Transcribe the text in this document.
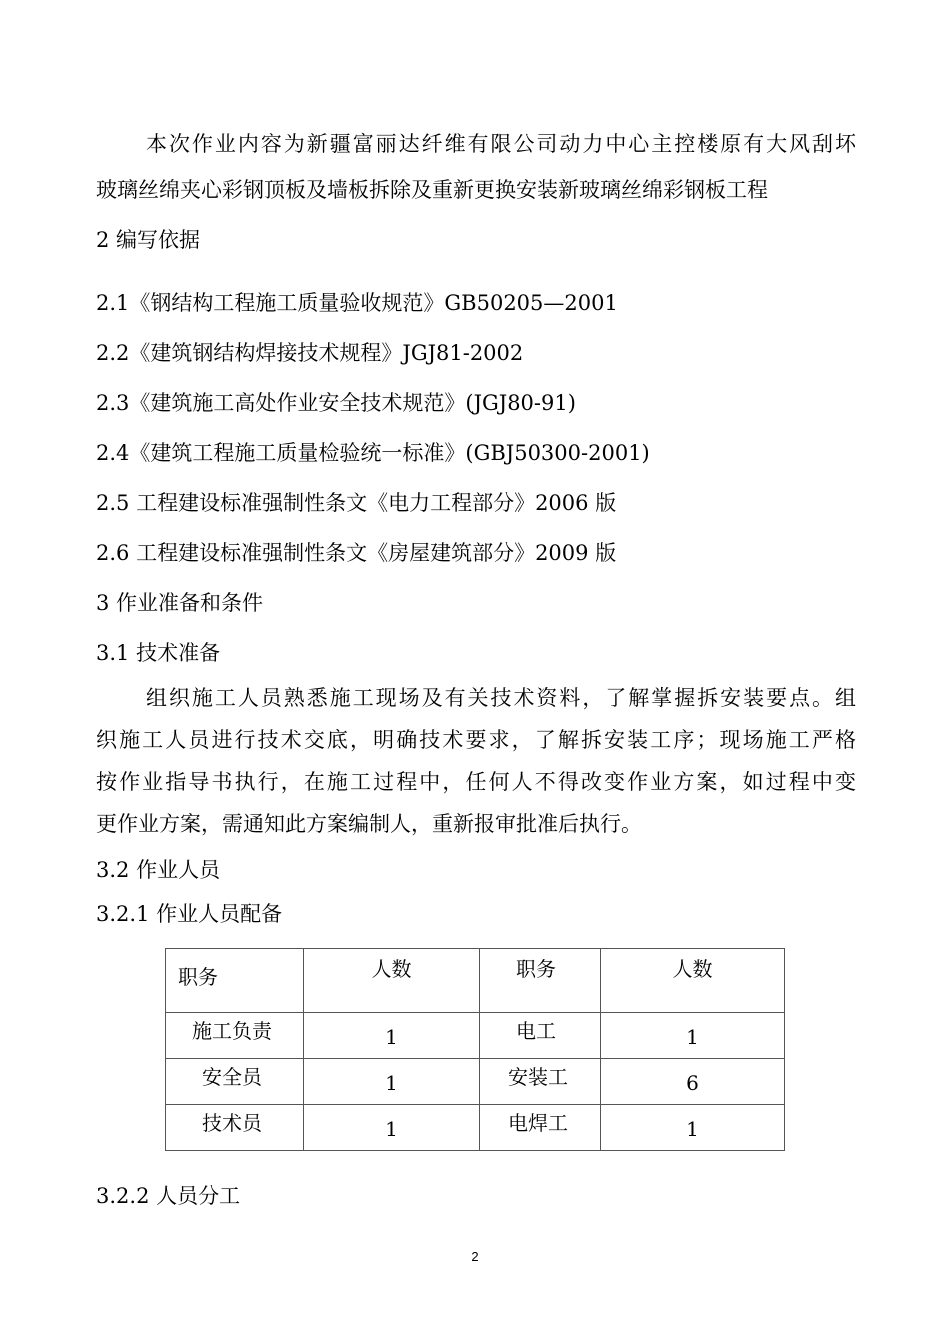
本次作业内容为新疆富丽达纤维有限公司动力中心主控楼原有大风刮坏
玻璃丝绵夹心彩钢顶板及墙板拆除及重新更换安装新玻璃丝绵彩钢板工程
2 编写依据
2.1《钢结构工程施工质量验收规范》GB50205—2001
2.2《建筑钢结构焊接技术规程》JGJ81-2002
2.3《建筑施工高处作业安全技术规范》(JGJ80-91)
2.4《建筑工程施工质量检验统一标准》(GBJ50300-2001)
2.5 工程建设标准强制性条文《电力工程部分》2006 版
2.6 工程建设标准强制性条文《房屋建筑部分》2009 版
3 作业准备和条件
3.1 技术准备
组织施工人员熟悉施工现场及有关技术资料，了解掌握拆安装要点。组
织施工人员进行技术交底，明确技术要求，了解拆安装工序；现场施工严格
按作业指导书执行，在施工过程中，任何人不得改变作业方案，如过程中变
更作业方案，需通知此方案编制人，重新报审批准后执行。
3.2 作业人员
3.2.1 作业人员配备
职务	人数	职务	人数

施工负责	1	电工	1

安全员	1	安装工	6

技术员	1	电焊工	1
3.2.2 人员分工
2
